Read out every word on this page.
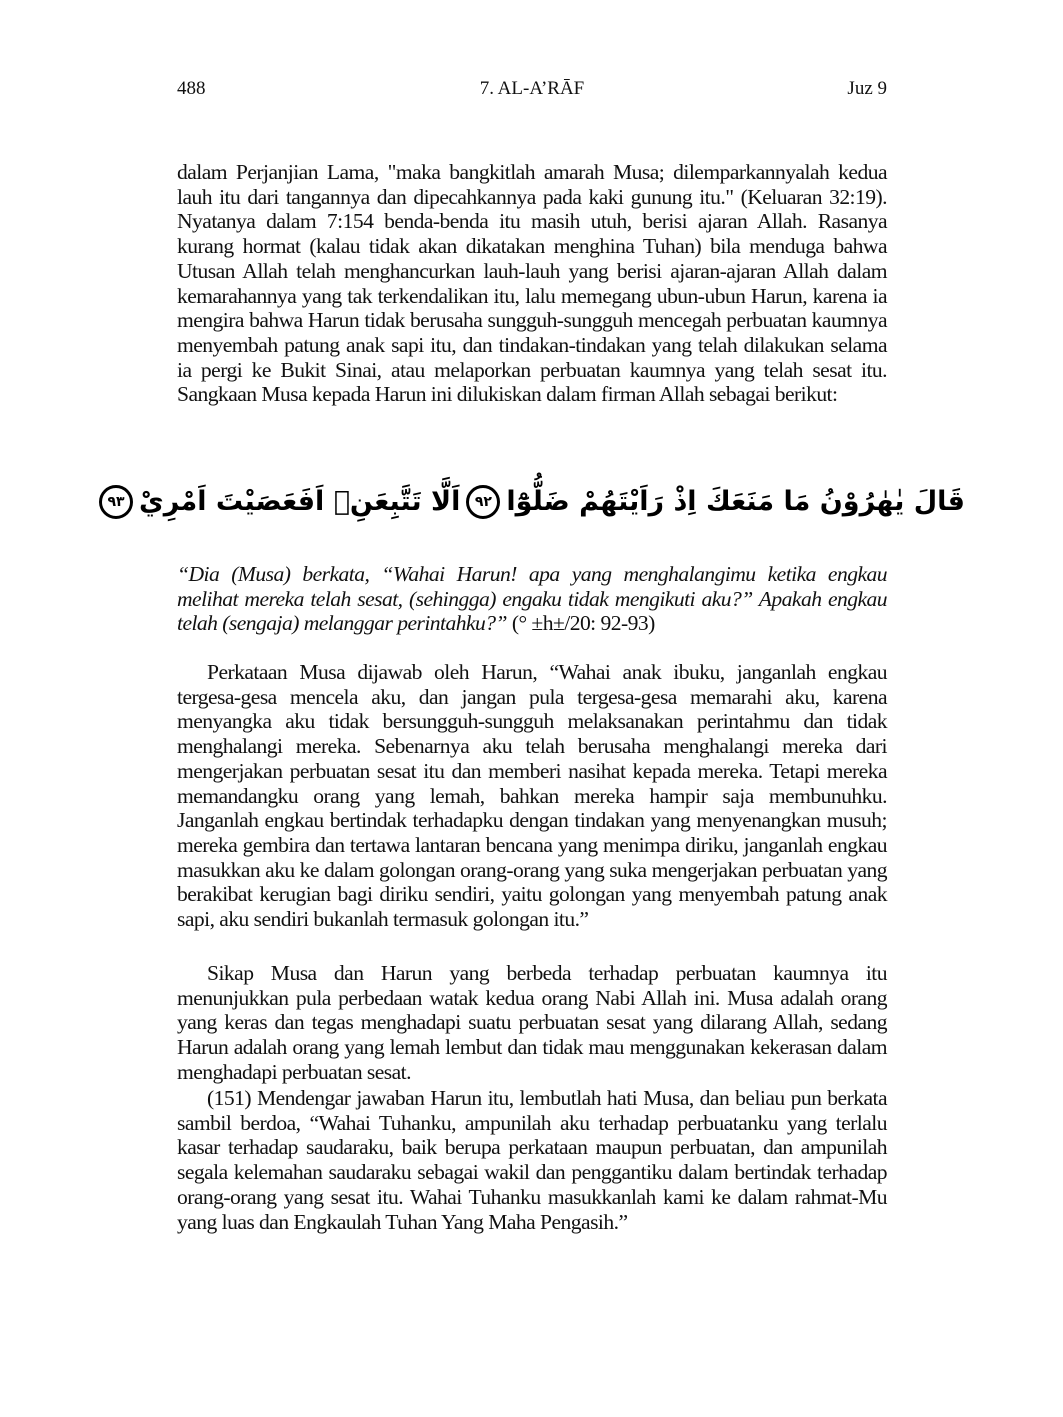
488	7. AL-A’RĀF	Juz 9

dalam Perjanjian Lama, "maka bangkitlah amarah Musa; dilemparkannyalah kedua lauh itu dari tangannya dan dipecahkannya pada kaki gunung itu." (Keluaran 32:19). Nyatanya dalam 7:154 benda-benda itu masih utuh, berisi ajaran Allah. Rasanya kurang hormat (kalau tidak akan dikatakan menghina Tuhan) bila menduga bahwa Utusan Allah telah menghancurkan lauh-lauh yang berisi ajaran-ajaran Allah dalam kemarahannya yang tak terkendalikan itu, lalu memegang ubun-ubun Harun, karena ia mengira bahwa Harun tidak berusaha sungguh-sungguh mencegah perbuatan kaumnya menyembah patung anak sapi itu, dan tindakan-tindakan yang telah dilakukan selama ia pergi ke Bukit Sinai, atau melaporkan perbuatan kaumnya yang telah sesat itu. Sangkaan Musa kepada Harun ini dilukiskan dalam firman Allah sebagai berikut:

قَالَ يٰهٰرُوْنُ مَا مَنَعَكَ اِذْ رَاَيْتَهُمْ ضَلُّوْٓا
٩٢
اَلَّا تَتَّبِعَنِۗ اَفَعَصَيْتَ اَمْرِيْ
٩٣

“Dia (Musa) berkata, “Wahai Harun! apa yang menghalangimu ketika engkau melihat mereka telah sesat, (sehingga) engaku tidak mengikuti aku?” Apakah engkau telah (sengaja) melanggar perintahku?” (° ±h±/20: 92-93)

Perkataan Musa dijawab oleh Harun, “Wahai anak ibuku, janganlah engkau tergesa-gesa mencela aku, dan jangan pula tergesa-gesa memarahi aku, karena menyangka aku tidak bersungguh-sungguh melaksanakan perintahmu dan tidak menghalangi mereka. Sebenarnya aku telah berusaha menghalangi mereka dari mengerjakan perbuatan sesat itu dan memberi nasihat kepada mereka. Tetapi mereka memandangku orang yang lemah, bahkan mereka hampir saja membunuhku. Janganlah engkau bertindak terhadapku dengan tindakan yang menyenangkan musuh; mereka gembira dan tertawa lantaran bencana yang menimpa diriku, janganlah engkau masukkan aku ke dalam golongan orang-orang yang suka mengerjakan perbuatan yang berakibat kerugian bagi diriku sendiri, yaitu golongan yang menyembah patung anak sapi, aku sendiri bukanlah termasuk golongan itu.”

Sikap Musa dan Harun yang berbeda terhadap perbuatan kaumnya itu menunjukkan pula perbedaan watak kedua orang Nabi Allah ini. Musa adalah orang yang keras dan tegas menghadapi suatu perbuatan sesat yang dilarang Allah, sedang Harun adalah orang yang lemah lembut dan tidak mau menggunakan kekerasan dalam menghadapi perbuatan sesat.

(151) Mendengar jawaban Harun itu, lembutlah hati Musa, dan beliau pun berkata sambil berdoa, “Wahai Tuhanku, ampunilah aku terhadap perbuatanku yang terlalu kasar terhadap saudaraku, baik berupa perkataan maupun perbuatan, dan ampunilah segala kelemahan saudaraku sebagai wakil dan penggantiku dalam bertindak terhadap orang-orang yang sesat itu. Wahai Tuhanku masukkanlah kami ke dalam rahmat-Mu yang luas dan Engkaulah Tuhan Yang Maha Pengasih.”
